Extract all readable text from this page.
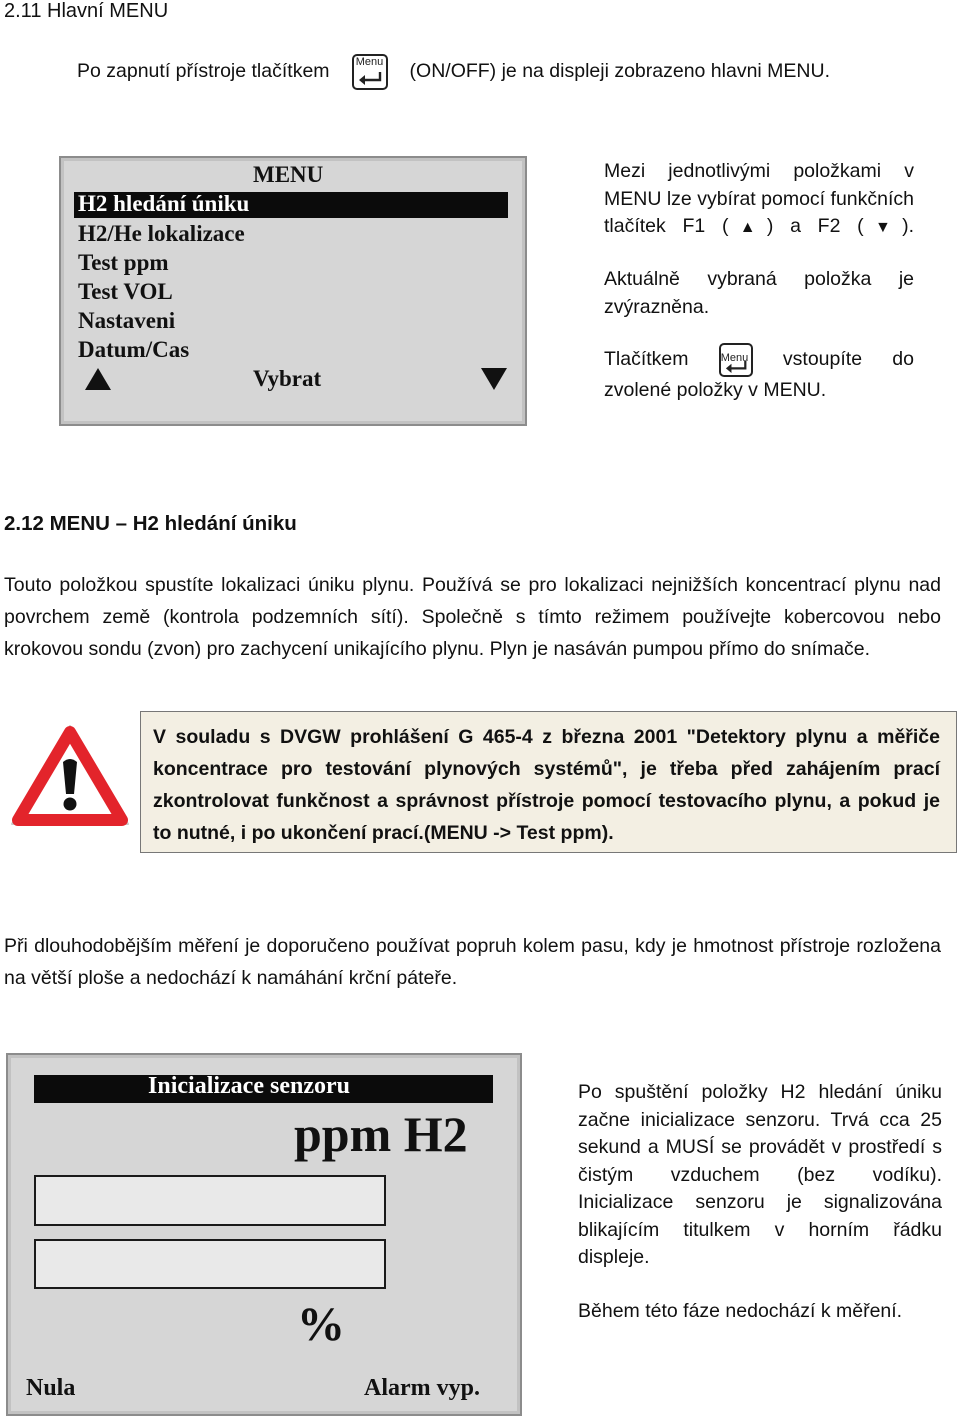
2.11 Hlavní MENU
Po zapnutí přístroje tlačítkem Menu (ON/OFF) je na displeji zobrazeno hlavni MENU.
MENU
H2 hledání úniku
H2/He lokalizace
Test ppm
Test VOL
Nastaveni
Datum/Cas
Vybrat
Mezi jednotlivými položkami v MENU lze vybírat pomocí funkčních tlačítek F1 (▲) a F2 (▼).
Aktuálně vybraná položka je zvýrazněna.
Tlačítkem	Menu vstoupíte do
zvolené položky v MENU.
2.12 MENU – H2 hledání úniku
Touto položkou spustíte lokalizaci úniku plynu. Používá se pro lokalizaci nejnižších koncentrací plynu nad povrchem země (kontrola podzemních sítí). Společně s tímto režimem používejte kobercovou nebo krokovou sondu (zvon) pro zachycení unikajícího plynu. Plyn je nasáván pumpou přímo do snímače.
V souladu s DVGW prohlášení G 465-4 z března 2001 "Detektory plynu a měřiče koncentrace pro testování plynových systémů", je třeba před zahájením prací zkontrolovat funkčnost a správnost přístroje pomocí testovacího plynu, a pokud je to nutné, i po ukončení prací.(MENU -> Test ppm).
Při dlouhodobějším měření je doporučeno používat popruh kolem pasu, kdy je hmotnost přístroje rozložena na větší ploše a nedochází k namáhání krční páteře.
Inicializace senzoru
ppm H2
%
Nula	Alarm vyp.
Po spuštění položky H2 hledání úniku začne inicializace senzoru. Trvá cca 25 sekund a MUSÍ se provádět v prostředí s čistým vzduchem (bez vodíku). Inicializace senzoru je signalizována blikajícím titulkem v horním řádku displeje.
Během této fáze nedochází k měření.
